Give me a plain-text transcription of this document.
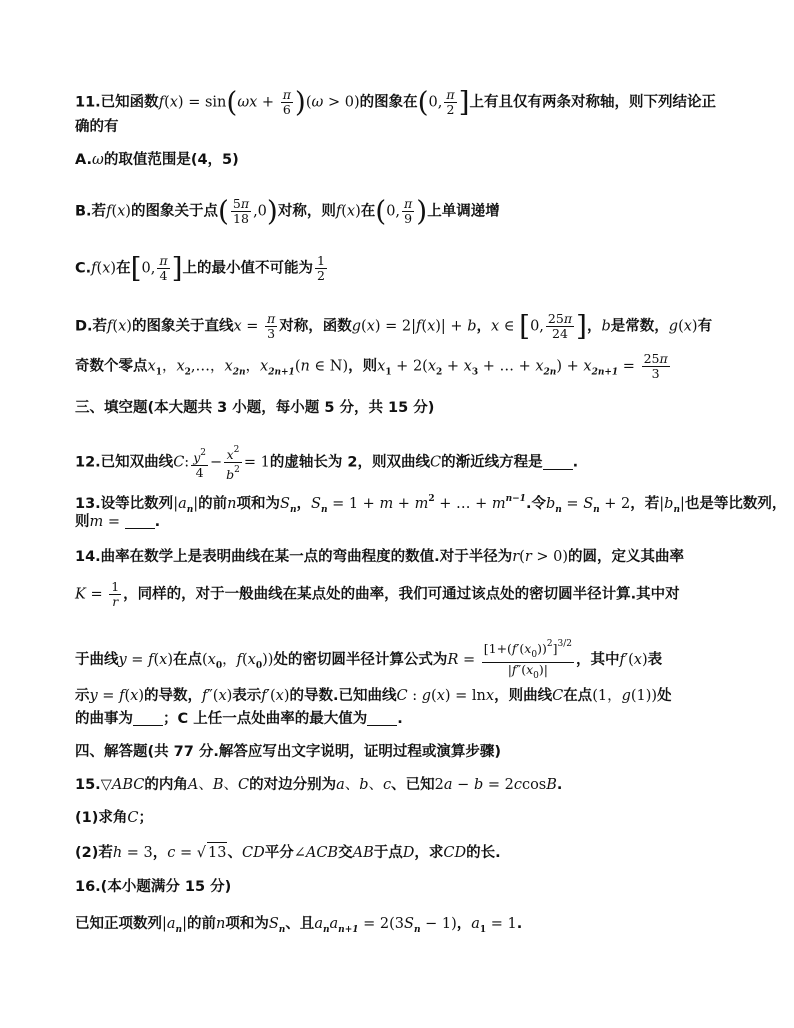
11.已知函数$f(x) = \sin(\omega x + \frac{\pi}{6} )(\omega > 0)$的图象在(0, $\frac{\pi}{2}$ ]上有且仅有两条对称轴，则下列结论正
确的有
A.ω的取值范围是(4，5)
B.若f(x)的图象关于点( $\frac{5\pi}{18} ,0$)对称，则f(x)在(0, $\frac{\pi}{9}$ )上单调递增
C.f(x)在[0, $\frac{\pi}{4}$ ]上的最小值不可能为 $\frac{1}{2}$
D.若f(x)的图象关于直线$x = \frac{\pi}{3}$ 对称，函数g(x) = 2|f(x)| + b，x ∈ [0, $\frac{25\pi}{24}$ ]，b是常数，g(x)有
奇数个零点$x_1$，$x_2,\dots$，$x_{2n}$，$x_{2n+1}(n$ ∈ N)，则$x_1 + 2(x_2 + x_3$ + … + $x_{2n}) + x_{2n+1} = \frac{25\pi}{3}$
三、填空题(本大题共 3 小题，每小题 5 分，共 15 分)
12.已知双曲线C: $\frac{y^2}{4} - \frac{x^2}{b^2} = 1$的虚轴长为 2，则双曲线C的渐近线方程是 .
13.设等比数列$|a_n|$的前n项和为$S_n$，$S_n = 1 + m + m^2$ + … + $m^{n-1}$.令$b_n = S_n + 2$，若$|b_n|$也是等比数列，
则m = .
14.曲率在数学上是表明曲线在某一点的弯曲程度的数值.对于半径为r(r > 0)的圆，定义其曲率
$K = \frac{1}{r}$ ，同样的，对于一般曲线在某点处的曲率，我们可通过该点处的密切圆半径计算.其中对
于曲线y = f(x)在点($x_0$，$f(x_0)$)处的密切圆半径计算公式为$R = \frac{[1+(f'(x_0))^2]^{3/2}}{|f''(x_0)|}$ ，其中f′(x)表
示y = f(x)的导数，f″(x)表示f′(x)的导数.已知曲线C : g(x) = lnx，则曲线C在点(1，g(1))处
的曲事为 ；C 上任一点处曲率的最大值为 .
四、解答题(共 77 分.解答应写出文字说明，证明过程或演算步骤)
15.▽ABC的内角A、B、C的对边分别为a、b、c、已知2a − b = 2ccosB.
(1)求角C；
(2)若h = 3，c = √ 13、CD平分∠ACB交AB于点D，求CD的长.
16.(本小题满分 15 分)
已知正项数列$|a_n|$的前n项和为$S_n$、且$a_na_{n+1} = 2(3S_n - 1)$，$a_1 = 1$.
